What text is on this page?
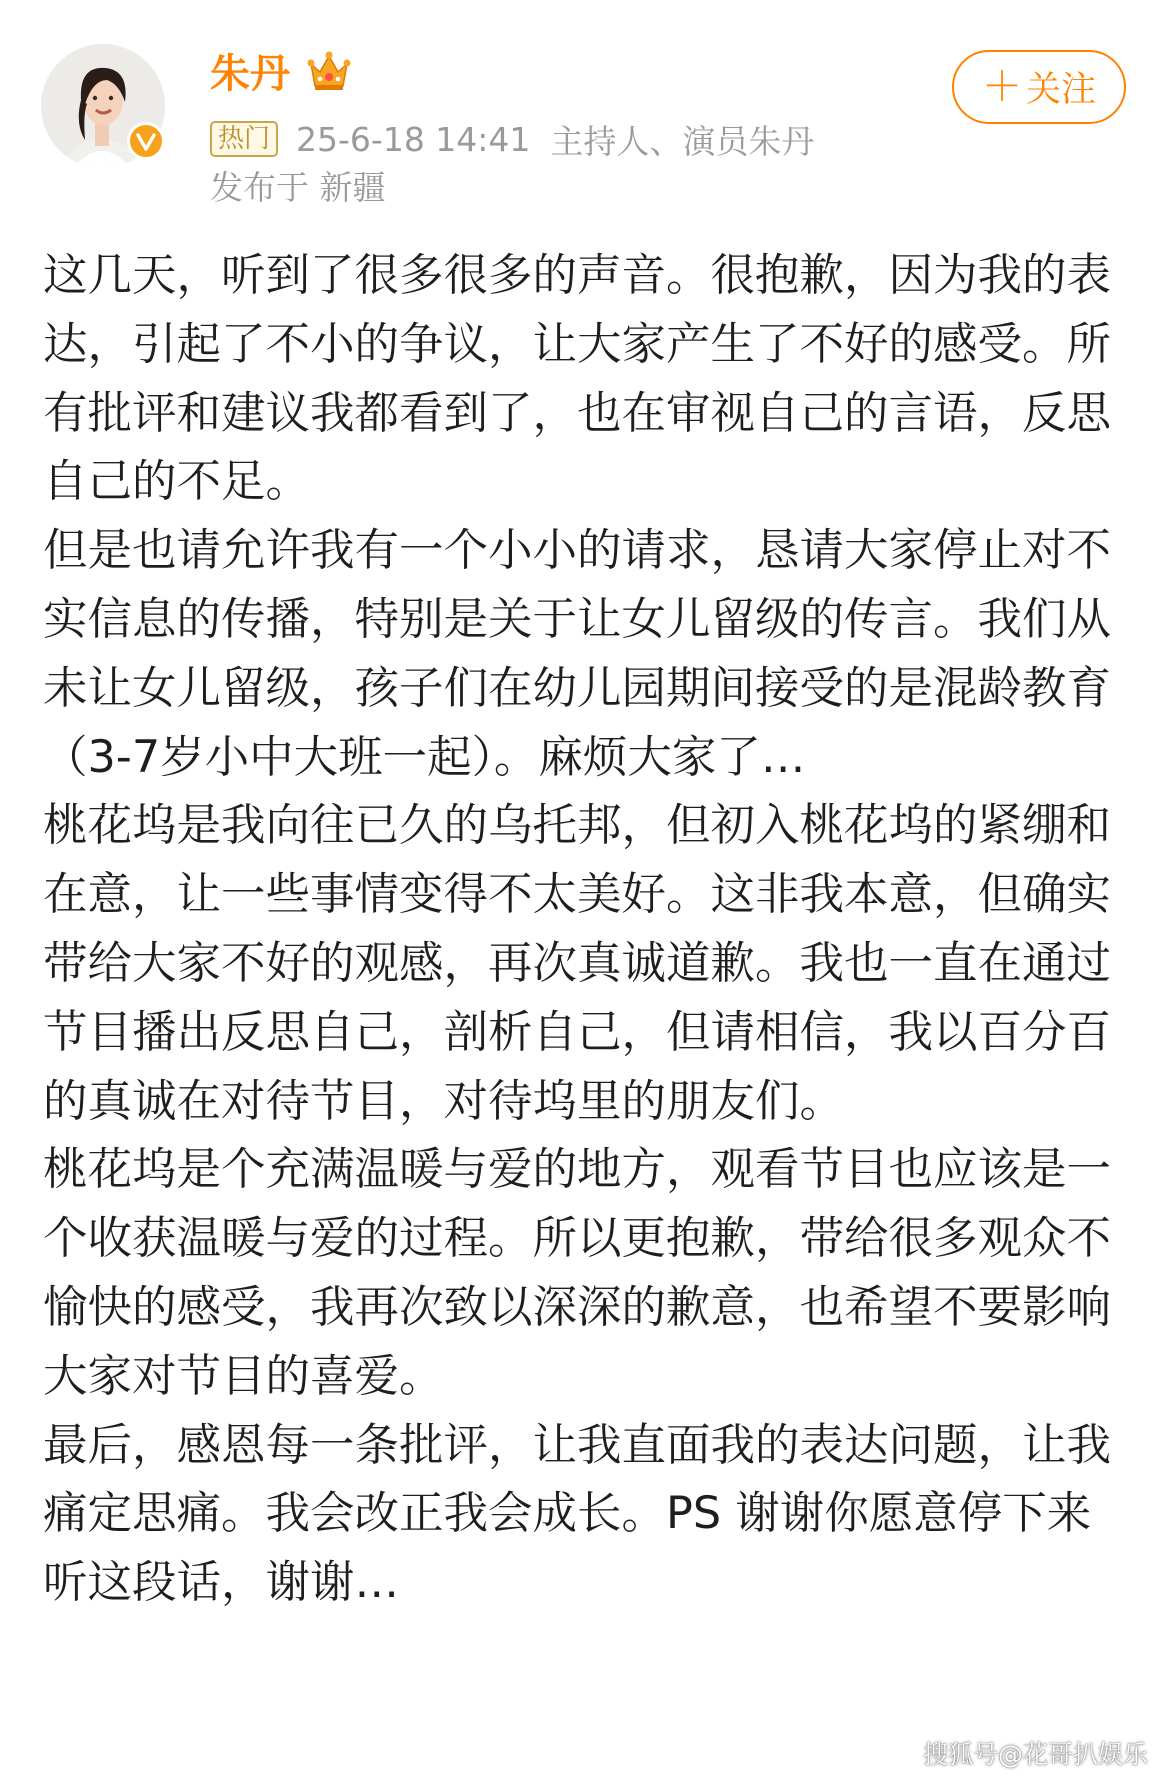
朱丹
热门 25-6-18 14:41 主持人、演员朱丹
发布于 新疆
＋ 关注

这几天，听到了很多很多的声音。很抱歉，因为我的表达，引起了不小的争议，让大家产生了不好的感受。所有批评和建议我都看到了，也在审视自己的言语，反思自己的不足。

但是也请允许我有一个小小的请求，恳请大家停止对不实信息的传播，特别是关于让女儿留级的传言。我们从未让女儿留级，孩子们在幼儿园期间接受的是混龄教育（3-7岁小中大班一起）。麻烦大家了…

桃花坞是我向往已久的乌托邦，但初入桃花坞的紧绷和在意，让一些事情变得不太美好。这非我本意，但确实带给大家不好的观感，再次真诚道歉。我也一直在通过节目播出反思自己，剖析自己，但请相信，我以百分百的真诚在对待节目，对待坞里的朋友们。

桃花坞是个充满温暖与爱的地方，观看节目也应该是一个收获温暖与爱的过程。所以更抱歉，带给很多观众不愉快的感受，我再次致以深深的歉意，也希望不要影响大家对节目的喜爱。

最后，感恩每一条批评，让我直面我的表达问题，让我痛定思痛。我会改正我会成长。PS 谢谢你愿意停下来听这段话，谢谢…

搜狐号@花哥扒娱乐
